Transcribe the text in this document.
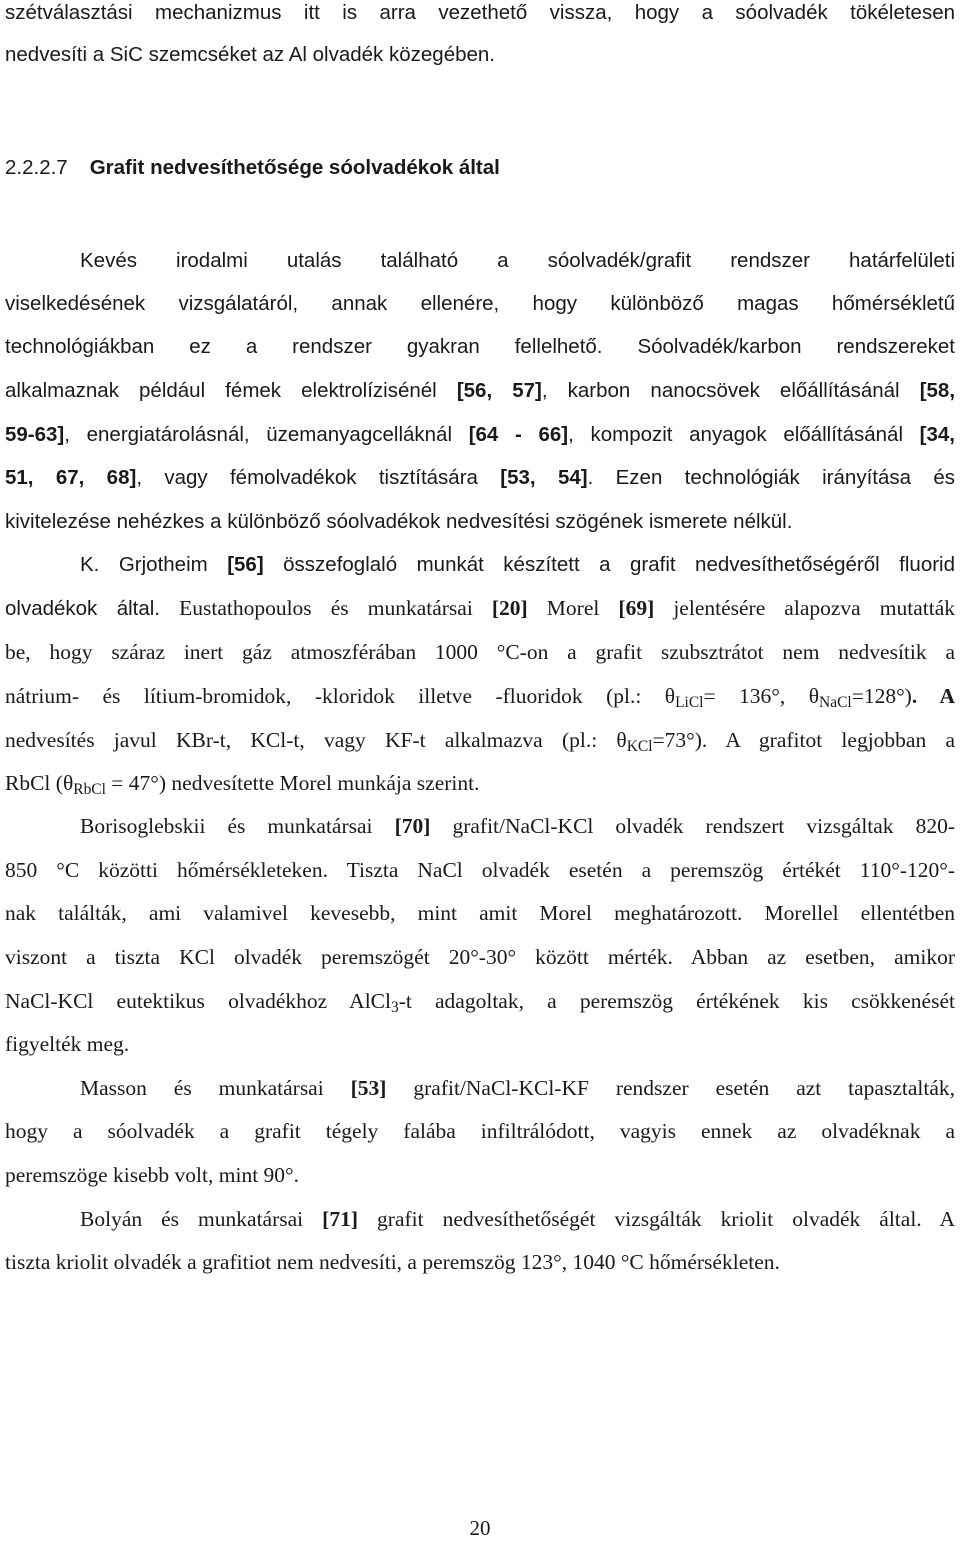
szétválasztási mechanizmus itt is arra vezethető vissza, hogy a sóolvadék tökéletesen
nedvesíti a SiC szemcséket az Al olvadék közegében.
2.2.2.7 Grafit nedvesíthetősége sóolvadékok által
Kevés irodalmi utalás található a sóolvadék/grafit rendszer határfelületi
viselkedésének vizsgálatáról, annak ellenére, hogy különböző magas hőmérsékletű
technológiákban ez a rendszer gyakran fellelhető. Sóolvadék/karbon rendszereket
alkalmaznak például fémek elektrolízisénél [56, 57], karbon nanocsövek előállításánál [58,
59-63], energiatárolásnál, üzemanyagcelláknál [64 - 66], kompozit anyagok előállításánál [34,
51, 67, 68], vagy fémolvadékok tisztítására [53, 54]. Ezen technológiák irányítása és
kivitelezése nehézkes a különböző sóolvadékok nedvesítési szögének ismerete nélkül.
K. Grjotheim [56] összefoglaló munkát készített a grafit nedvesíthetőségéről fluorid
olvadékok által. Eustathopoulos és munkatársai [20] Morel [69] jelentésére alapozva mutatták
be, hogy száraz inert gáz atmoszférában 1000 °C-on a grafit szubsztrátot nem nedvesítik a
nátrium- és lítium-bromidok, -kloridok illetve -fluoridok (pl.: $\theta_{LiCl}= 136^\circ$, $\theta_{NaCl}=128^\circ$). A
nedvesítés javul KBr-t, KCl-t, vagy KF-t alkalmazva (pl.: $\theta_{KCl}=73^\circ$). A grafitot legjobban a
RbCl $(\theta_{RbCl} = 47^\circ)$ nedvesítette Morel munkája szerint.
Borisoglebskii és munkatársai [70] grafit/NaCl-KCl olvadék rendszert vizsgáltak 820-
850 °C közötti hőmérsékleteken. Tiszta NaCl olvadék esetén a peremszög értékét 110°-120°-
nak találták, ami valamivel kevesebb, mint amit Morel meghatározott. Morellel ellentétben
viszont a tiszta KCl olvadék peremszögét 20°-30° között mérték. Abban az esetben, amikor
NaCl-KCl eutektikus olvadékhoz AlCl$_3$-t adagoltak, a peremszög értékének kis csökkenését
figyelték meg.
Masson és munkatársai [53] grafit/NaCl-KCl-KF rendszer esetén azt tapasztalták,
hogy a sóolvadék a grafit tégely falába infiltrálódott, vagyis ennek az olvadéknak a
peremszöge kisebb volt, mint 90°.
Bolyán és munkatársai [71] grafit nedvesíthetőségét vizsgálták kriolit olvadék által. A
tiszta kriolit olvadék a grafitiot nem nedvesíti, a peremszög 123°, 1040 °C hőmérsékleten.
20
